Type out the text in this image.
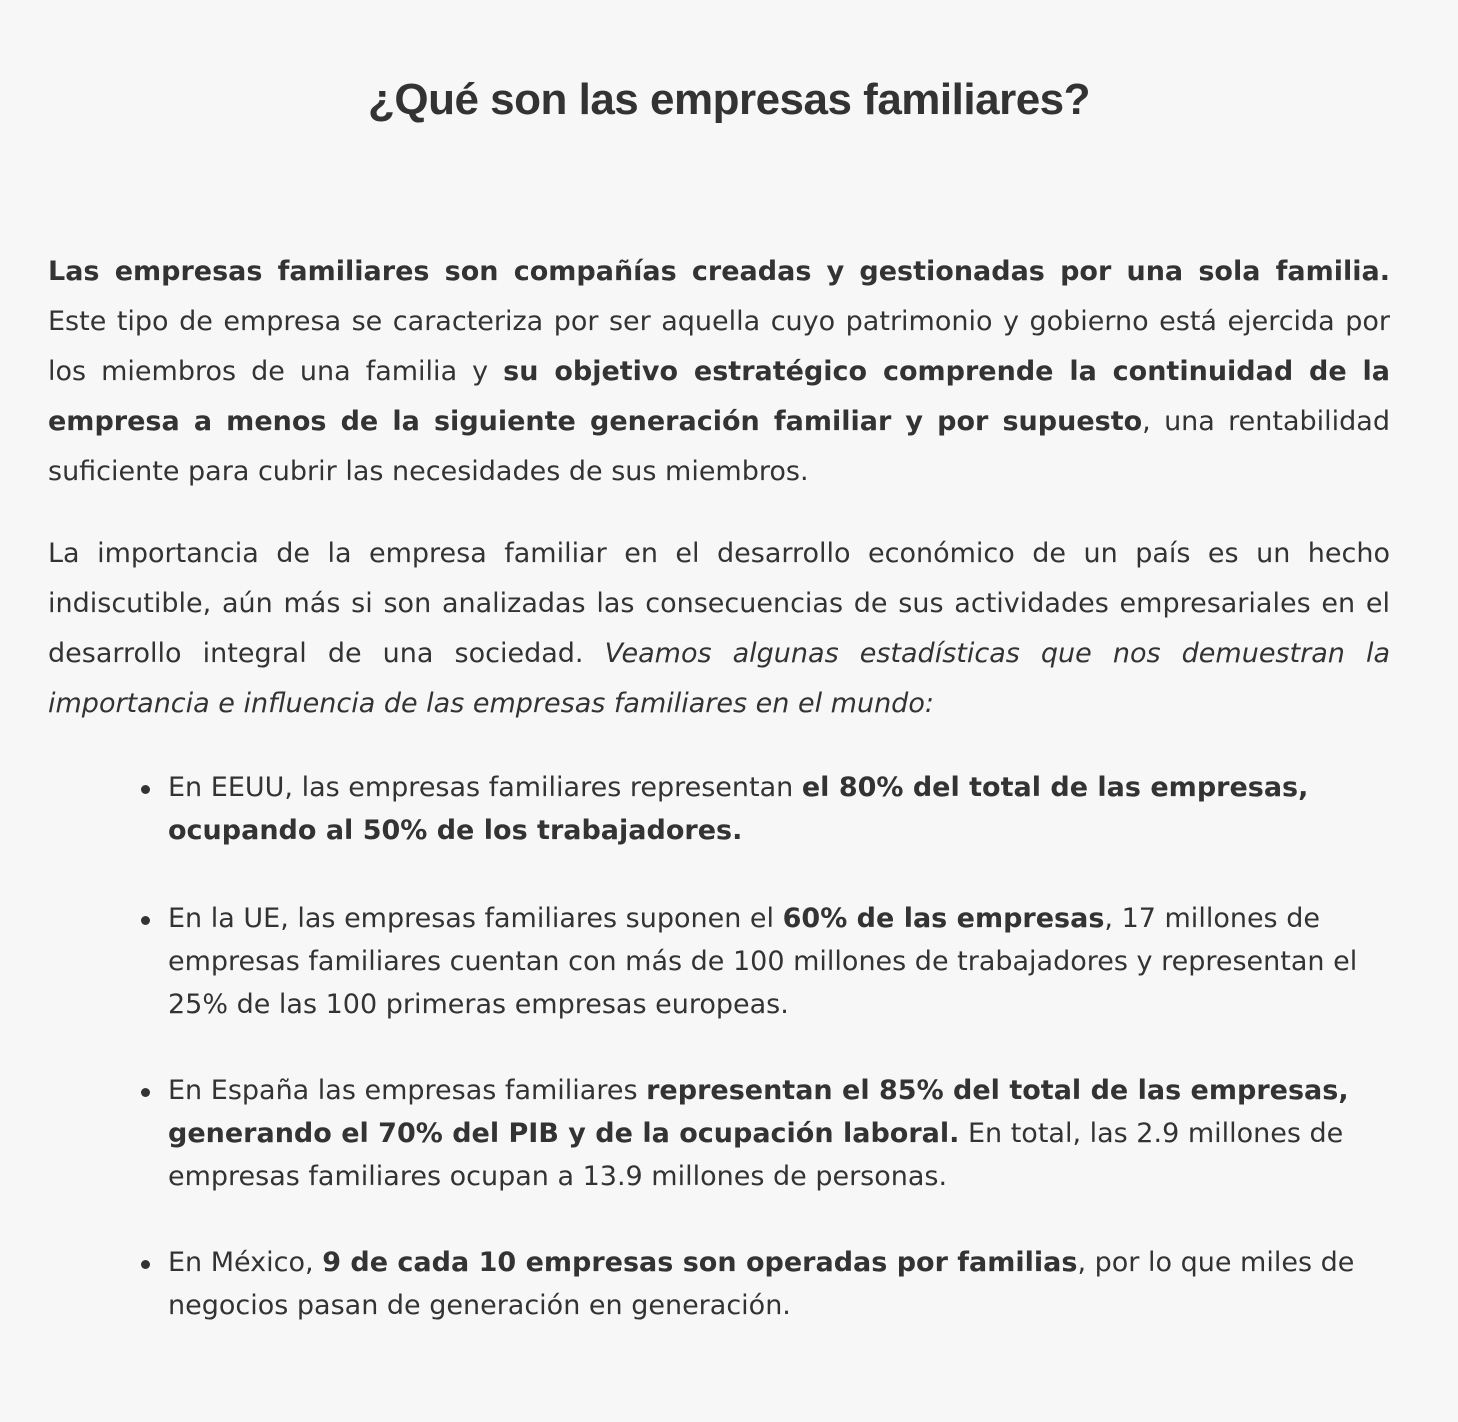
¿Qué son las empresas familiares?

Las empresas familiares son compañías creadas y gestionadas por una sola familia. Este tipo de empresa se caracteriza por ser aquella cuyo patrimonio y gobierno está ejercida por los miembros de una familia y su objetivo estratégico comprende la continuidad de la empresa a menos de la siguiente generación familiar y por supuesto, una rentabilidad suficiente para cubrir las necesidades de sus miembros.

La importancia de la empresa familiar en el desarrollo económico de un país es un hecho indiscutible, aún más si son analizadas las consecuencias de sus actividades empresariales en el desarrollo integral de una sociedad. Veamos algunas estadísticas que nos demuestran la importancia e influencia de las empresas familiares en el mundo:

En EEUU, las empresas familiares representan el 80% del total de las empresas, ocupando al 50% de los trabajadores.
En la UE, las empresas familiares suponen el 60% de las empresas, 17 millones de empresas familiares cuentan con más de 100 millones de trabajadores y representan el 25% de las 100 primeras empresas europeas.
En España las empresas familiares representan el 85% del total de las empresas, generando el 70% del PIB y de la ocupación laboral. En total, las 2.9 millones de empresas familiares ocupan a 13.9 millones de personas.
En México, 9 de cada 10 empresas son operadas por familias, por lo que miles de negocios pasan de generación en generación.
